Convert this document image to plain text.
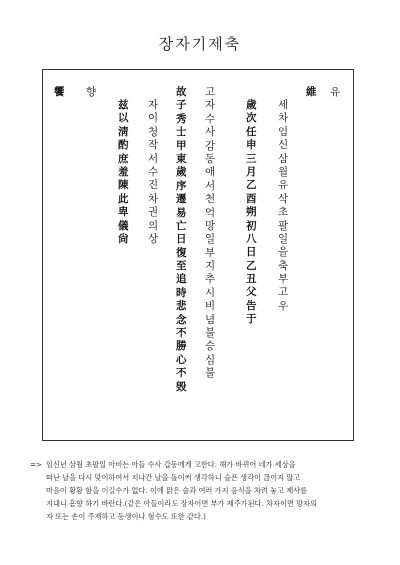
장자기제축
維 유
세
차
임
신
삼
월
유
삭
초
팔
일
을
축
부
고
우
歲
次
任
申
三
月
乙
酉
朔
初
八
日
乙
丑
父
告
于
고
자
수
사
감
동
애
서
천
억
망
일
부
지
추
시
비
념
불
승
심
불
故
子
秀
士
甲
東
歲
序
遷
易
亡
日
復
至
追
時
悲
念
不
勝
心
不
毁
자
이
청
작
서
수
진
차
권
의
상
兹
以
淸
酌
庶
羞
陳
此
卑
儀
尙
饗 향
=> 임신년 삼월 초팔일 아비는 아들 수사 갑동에게 고한다. 해가 바뀌어 네가 세상을

떠난 날을 다시 맞이하여서 지나간 날을 돌이켜 생각하니 슬픈 생각이 끊이지 않고

마음이 황황 함을 이길수가 없다. 이에 맑은 술과 여러 가지 음식을 차려 놓고 제사를

지내니 흠향 하기 바란다.(같은 아들이라도 장자이면 부가 제주가된다. 차자이면 망자의

자 또는 손이 주재하고 동생이나 형수도 또한 같다.)
